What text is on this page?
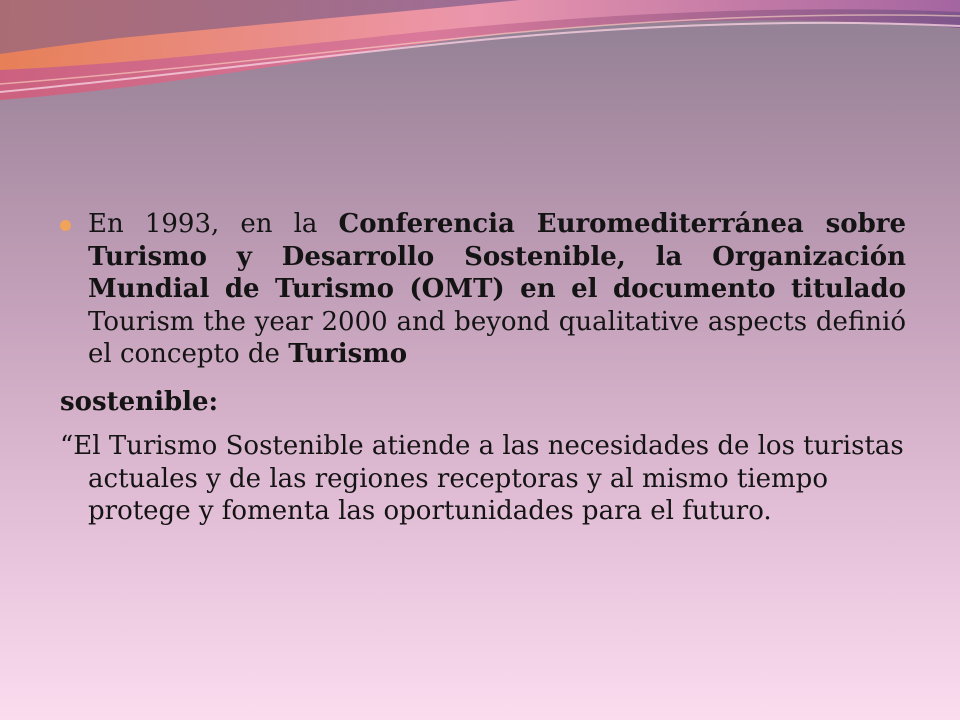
En 1993, en la Conferencia Euromediterránea sobre Turismo y Desarrollo Sostenible, la Organización Mundial de Turismo (OMT) en el documento titulado Tourism the year 2000 and beyond qualitative aspects definió el concepto de Turismo

sostenible:

“El Turismo Sostenible atiende a las necesidades de los turistas actuales y de las regiones receptoras y al mismo tiempo protege y fomenta las oportunidades para el futuro.
